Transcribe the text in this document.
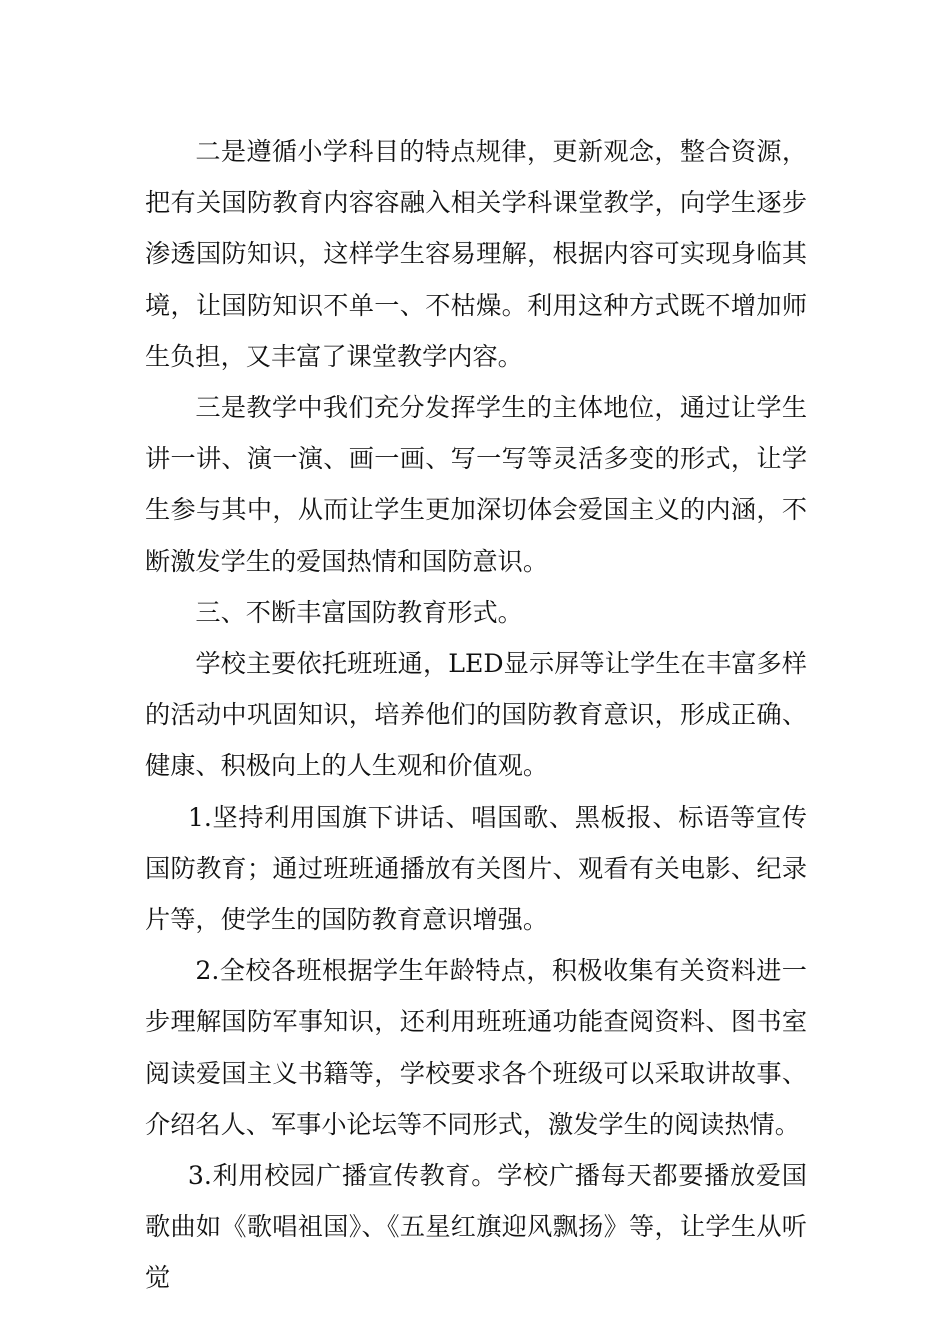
二是遵循小学科目的特点规律，更新观念，整合资源，把有关国防教育内容容融入相关学科课堂教学，向学生逐步渗透国防知识，这样学生容易理解，根据内容可实现身临其境，让国防知识不单一、不枯燥。利用这种方式既不增加师生负担，又丰富了课堂教学内容。

三是教学中我们充分发挥学生的主体地位，通过让学生讲一讲、演一演、画一画、写一写等灵活多变的形式，让学生参与其中，从而让学生更加深切体会爱国主义的内涵，不断激发学生的爱国热情和国防意识。

三、不断丰富国防教育形式。

学校主要依托班班通，LED显示屏等让学生在丰富多样的活动中巩固知识，培养他们的国防教育意识，形成正确、健康、积极向上的人生观和价值观。

1.坚持利用国旗下讲话、唱国歌、黑板报、标语等宣传国防教育；通过班班通播放有关图片、观看有关电影、纪录片等，使学生的国防教育意识增强。

2.全校各班根据学生年龄特点，积极收集有关资料进一步理解国防军事知识，还利用班班通功能查阅资料、图书室阅读爱国主义书籍等，学校要求各个班级可以采取讲故事、介绍名人、军事小论坛等不同形式，激发学生的阅读热情。

3.利用校园广播宣传教育。学校广播每天都要播放爱国歌曲如《歌唱祖国》、《五星红旗迎风飘扬》等，让学生从听觉
